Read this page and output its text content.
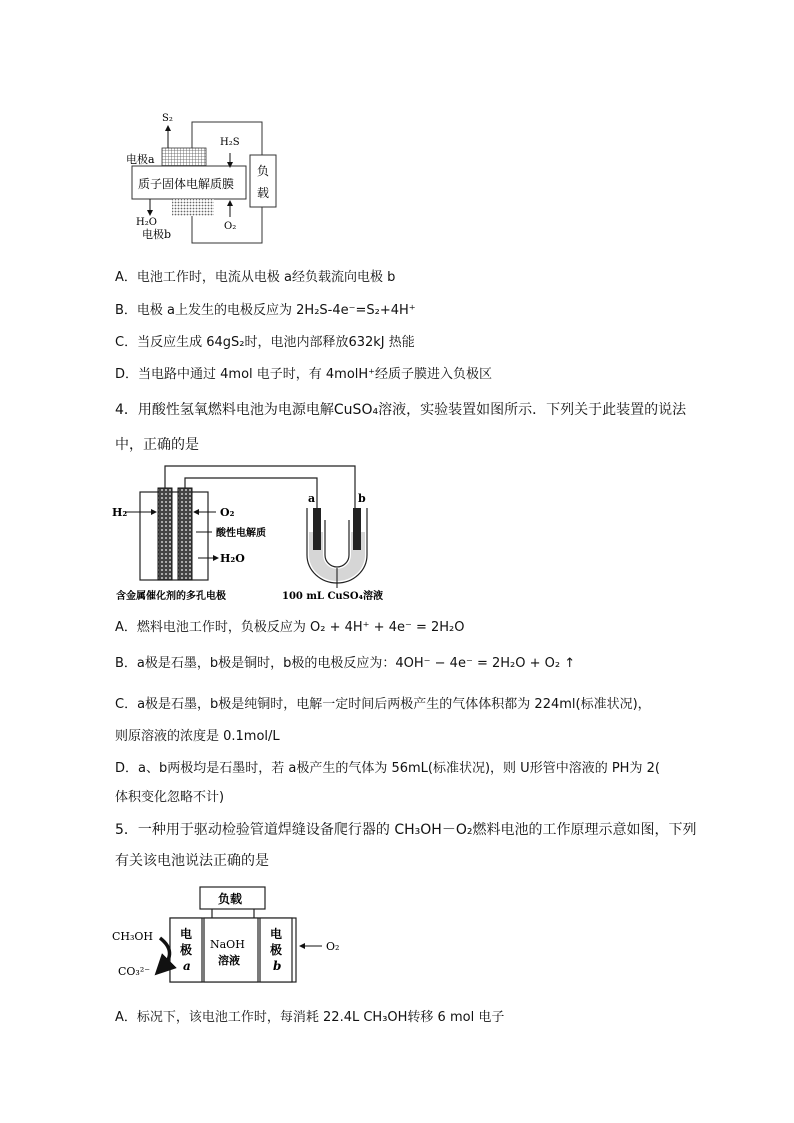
S₂
H₂S
电极a
质子固体电解质膜
负
载
H₂O	O₂
电极b
A．电池工作时，电流从电极 a经负载流向电极 b
B．电极 a上发生的电极反应为 2H₂S-4e⁻=S₂+4H⁺
C．当反应生成 64gS₂时，电池内部释放632kJ 热能
D．当电路中通过 4mol 电子时，有 4molH⁺经质子膜进入负极区
4．用酸性氢氧燃料电池为电源电解CuSO₄溶液，实验装置如图所示．下列关于此装置的说法
中，正确的是
H₂	O₂
酸性电解质
H₂O
a	b
含金属催化剂的多孔电极	100 mL CuSO₄溶液
A．燃料电池工作时，负极反应为 O₂ + 4H⁺ + 4e⁻ = 2H₂O
B．a极是石墨，b极是铜时，b极的电极反应为：4OH⁻ − 4e⁻ = 2H₂O + O₂ ↑
C．a极是石墨，b极是纯铜时，电解一定时间后两极产生的气体体积都为 224ml(标准状况)，
则原溶液的浓度是 0.1mol/L
D．a、b两极均是石墨时，若 a极产生的气体为 56mL(标准状况)，则 U形管中溶液的 PH为 2(
体积变化忽略不计)
5．一种用于驱动检验管道焊缝设备爬行器的 CH₃OH－O₂燃料电池的工作原理示意如图，下列
有关该电池说法正确的是
负载
CH₃OH
CO₃²⁻
电
极
a
NaOH
溶液
电
极
b
O₂
A．标况下，该电池工作时，每消耗 22.4L CH₃OH转移 6 mol 电子
